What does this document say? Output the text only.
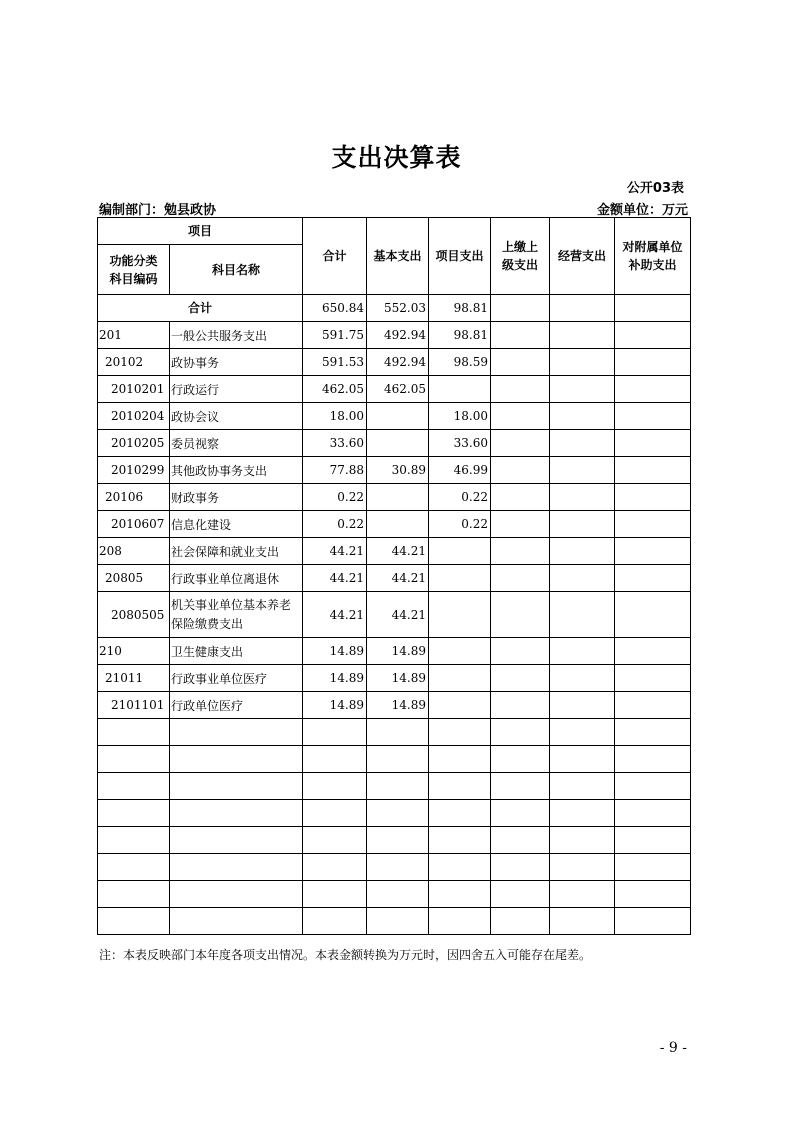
支出决算表
公开03表
编制部门：勉县政协	金额单位：万元
项目		合计	基本支出	项目支出	上缴上级支出	经营支出	对附属单位补助支出
功能分类科目编码	科目名称						
合计		650.84	552.03	98.81			
201	一般公共服务支出	591.75	492.94	98.81			
20102	政协事务	591.53	492.94	98.59			
2010201	行政运行	462.05	462.05				
2010204	政协会议	18.00		18.00			
2010205	委员视察	33.60		33.60			
2010299	其他政协事务支出	77.88	30.89	46.99			
20106	财政事务	0.22		0.22			
2010607	信息化建设	0.22		0.22			
208	社会保障和就业支出	44.21	44.21				
20805	行政事业单位离退休	44.21	44.21				
2080505	机关事业单位基本养老保险缴费支出	44.21	44.21				
210	卫生健康支出	14.89	14.89				
21011	行政事业单位医疗	14.89	14.89				
2101101	行政单位医疗	14.89	14.89				

注：本表反映部门本年度各项支出情况。本表金额转换为万元时，因四舍五入可能存在尾差。
- 9 -
